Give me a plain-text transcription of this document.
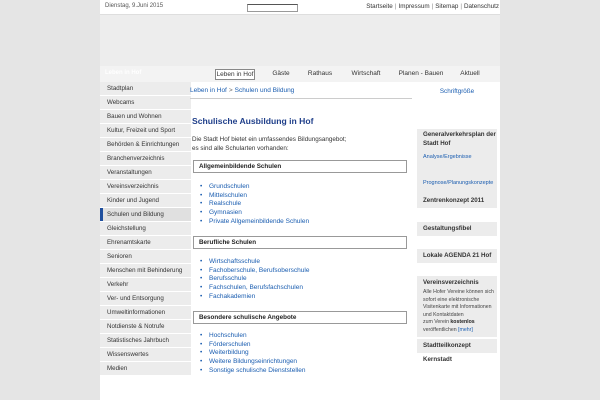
Dienstag, 9.Juni 2015	Startseite | Impressum | Sitemap | Datenschutz
Leben in Hof	Leben in Hof	Gäste	Rathaus	Wirtschaft	Planen - Bauen	Aktuell
Stadtplan
Webcams
Bauen und Wohnen
Kultur, Freizeit und Sport
Behörden & Einrichtungen
Branchenverzeichnis
Veranstaltungen
Vereinsverzeichnis
Kinder und Jugend
Schulen und Bildung
Gleichstellung
Ehrenamtskarte
Senioren
Menschen mit Behinderung
Verkehr
Ver- und Entsorgung
Umweltinformationen
Notdienste & Notrufe
Statistisches Jahrbuch
Wissenswertes
Medien
Leben in Hof > Schulen und Bildung
Schulische Ausbildung in Hof
Die Stadt Hof bietet ein umfassendes Bildungsangebot;
es sind alle Schularten vorhanden:
Allgemeinbildende Schulen
• Grundschulen
• Mittelschulen
• Realschule
• Gymnasien
• Private Allgemeinbildende Schulen
Berufliche Schulen
• Wirtschaftsschule
• Fachoberschule, Berufsoberschule
• Berufsschule
• Fachschulen, Berufsfachschulen
• Fachakademien
Besondere schulische Angebote
• Hochschulen
• Förderschulen
• Weiterbildung
• Weitere Bildungseinrichtungen
• Sonstige schulische Dienststellen
Schriftgröße
Generalverkehrsplan der Stadt Hof
Analyse/Ergebnisse
Prognose/Planungskonzepte
Zentrenkonzept 2011
Gestaltungsfibel
Lokale AGENDA 21 Hof
Vereinsverzeichnis
Alle Hofer Vereine können sich
sofort eine elektronische
Visitenkarte mit Informationen
und Kontaktdaten
zum Verein kostenlos
veröffentlichen [mehr]
Stadtteilkonzept Kernstadt
